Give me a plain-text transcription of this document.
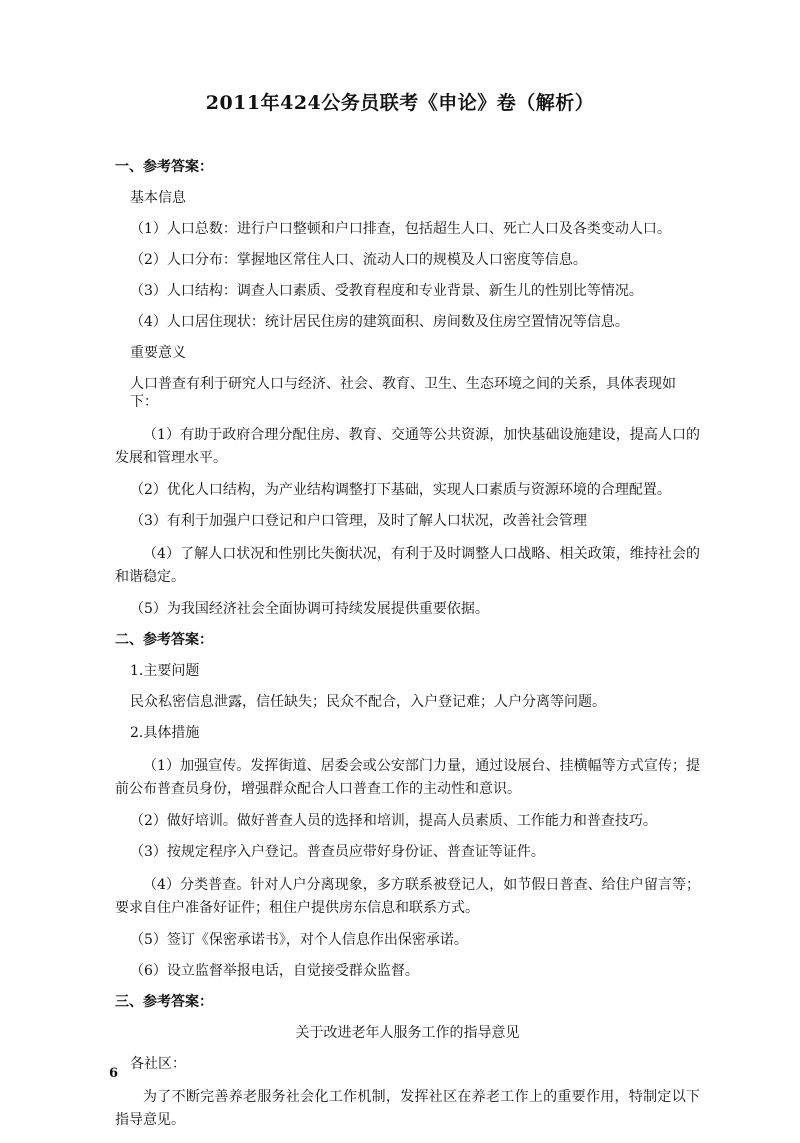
2011年424公务员联考《申论》卷（解析）

一、参考答案：

基本信息

（1）人口总数：进行户口整顿和户口排查，包括超生人口、死亡人口及各类变动人口。

（2）人口分布：掌握地区常住人口、流动人口的规模及人口密度等信息。

（3）人口结构：调查人口素质、受教育程度和专业背景、新生儿的性别比等情况。

（4）人口居住现状：统计居民住房的建筑面积、房间数及住房空置情况等信息。

重要意义

人口普查有利于研究人口与经济、社会、教育、卫生、生态环境之间的关系，具体表现如下：

（1）有助于政府合理分配住房、教育、交通等公共资源，加快基础设施建设，提高人口的发展和管理水平。

（2）优化人口结构，为产业结构调整打下基础，实现人口素质与资源环境的合理配置。

（3）有利于加强户口登记和户口管理，及时了解人口状况，改善社会管理

（4）了解人口状况和性别比失衡状况，有利于及时调整人口战略、相关政策，维持社会的和谐稳定。

（5）为我国经济社会全面协调可持续发展提供重要依据。

二、参考答案：

1.主要问题

民众私密信息泄露，信任缺失；民众不配合，入户登记难；人户分离等问题。

2.具体措施

（1）加强宣传。发挥街道、居委会或公安部门力量，通过设展台、挂横幅等方式宣传；提前公布普查员身份，增强群众配合人口普查工作的主动性和意识。

（2）做好培训。做好普查人员的选择和培训，提高人员素质、工作能力和普查技巧。

（3）按规定程序入户登记。普查员应带好身份证、普查证等证件。

（4）分类普查。针对人户分离现象，多方联系被登记人，如节假日普查、给住户留言等；要求自住户准备好证件；租住户提供房东信息和联系方式。

（5）签订《保密承诺书》，对个人信息作出保密承诺。

（6）设立监督举报电话，自觉接受群众监督。

三、参考答案：

关于改进老年人服务工作的指导意见

各社区：

为了不断完善养老服务社会化工作机制，发挥社区在养老工作上的重要作用，特制定以下指导意见。

6
